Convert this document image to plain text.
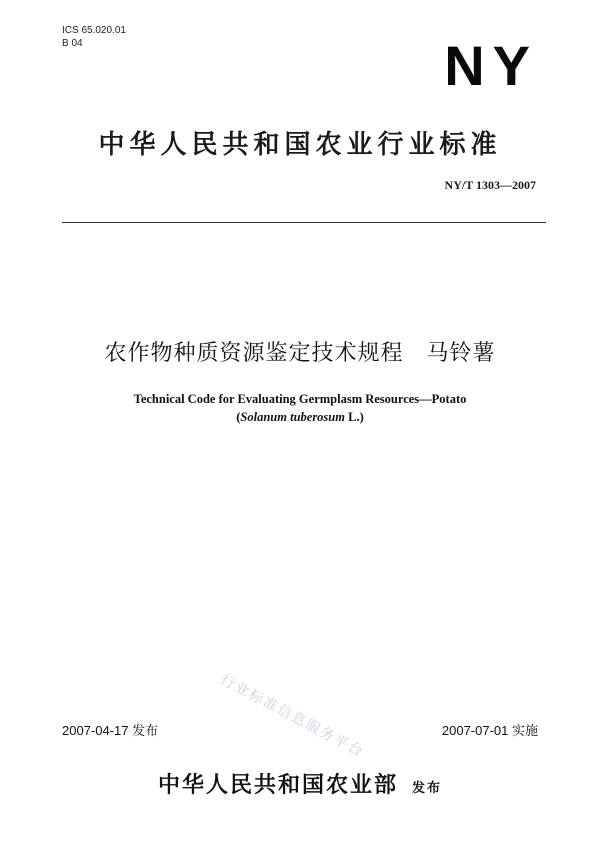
ICS 65.020.01
B 04	NY
中华人民共和国农业行业标准
NY/T 1303—2007
农作物种质资源鉴定技术规程　马铃薯
Technical Code for Evaluating Germplasm Resources—Potato
(Solanum tuberosum L.)
行业标准信息服务平台
2007-04-17 发布	2007-07-01 实施
中华人民共和国农业部 发布
